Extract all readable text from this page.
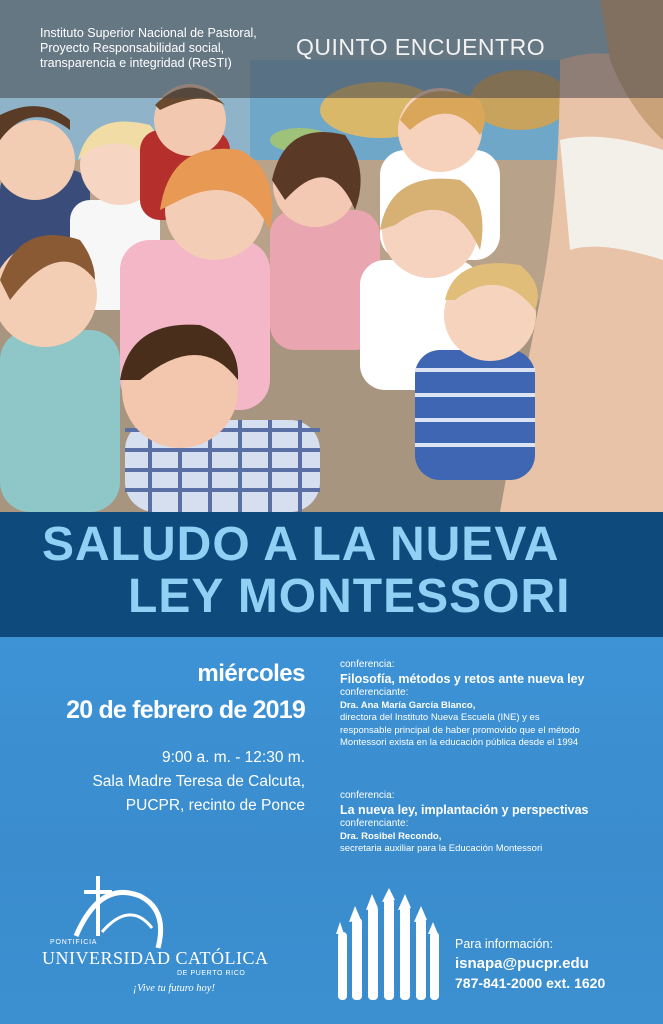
Instituto Superior Nacional de Pastoral,
Proyecto Responsabilidad social,
transparencia e integridad (ReSTI)
QUINTO ENCUENTRO
SALUDO A LA NUEVA
LEY MONTESSORI
miércoles
20 de febrero de 2019
9:00 a. m. - 12:30 m.
Sala Madre Teresa de Calcuta,
PUCPR, recinto de Ponce
conferencia:
Filosofía, métodos y retos ante nueva ley
conferenciante:
Dra. Ana María García Blanco,
directora del Instituto Nueva Escuela (INE) y es
responsable principal de haber promovido que el método
Montessori exista en la educación pública desde el 1994
conferencia:
La nueva ley, implantación y perspectivas
conferenciante:
Dra. Rosibel Recondo,
secretaria auxiliar para la Educación Montessori
PONTIFICIA
UNIVERSIDAD CATÓLICA
DE PUERTO RICO
¡Vive tu futuro hoy!
Para información:
isnapa@pucpr.edu
787-841-2000 ext. 1620
